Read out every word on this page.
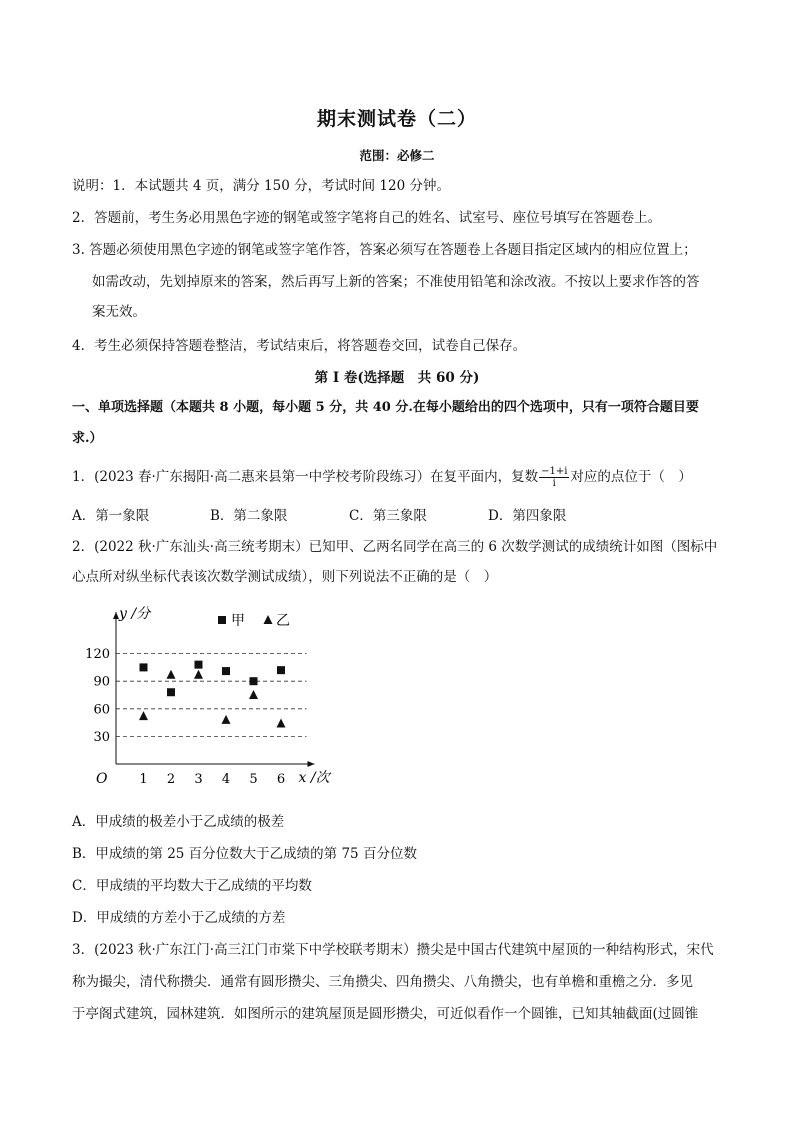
期末测试卷（二）
范围：必修二
说明：1．本试题共 4 页，满分 150 分，考试时间 120 分钟。
2．答题前，考生务必用黑色字迹的钢笔或签字笔将自己的姓名、试室号、座位号填写在答题卷上。
3. 答题必须使用黑色字迹的钢笔或签字笔作答，答案必须写在答题卷上各题目指定区域内的相应位置上；
如需改动，先划掉原来的答案，然后再写上新的答案；不准使用铅笔和涂改液。不按以上要求作答的答
案无效。
4．考生必须保持答题卷整洁，考试结束后，将答题卷交回，试卷自己保存。
第 I 卷(选择题　共 60 分)
一、单项选择题（本题共 8 小题，每小题 5 分，共 40 分.在每小题给出的四个选项中，只有一项符合题目要
求.）
1．(2023 春·广东揭阳·高二惠来县第一中学校考阶段练习）在复平面内，复数 $\frac{-1+i}{i}$ 对应的点位于（　）
A．第一象限	B．第二象限	C．第三象限	D．第四象限
2．(2022 秋·广东汕头·高三统考期末）已知甲、乙两名同学在高三的 6 次数学测试的成绩统计如图（图标中
心点所对纵坐标代表该次数学测试成绩），则下列说法不正确的是（　）
30
60
90
120
1 2 3 4 5 6
O
y /分
x /次
甲 乙
A．甲成绩的极差小于乙成绩的极差
B．甲成绩的第 25 百分位数大于乙成绩的第 75 百分位数
C．甲成绩的平均数大于乙成绩的平均数
D．甲成绩的方差小于乙成绩的方差
3．(2023 秋·广东江门·高三江门市棠下中学校联考期末）攒尖是中国古代建筑中屋顶的一种结构形式，宋代
称为撮尖，清代称攒尖．通常有圆形攒尖、三角攒尖、四角攒尖、八角攒尖，也有单檐和重檐之分．多见
于亭阁式建筑，园林建筑．如图所示的建筑屋顶是圆形攒尖，可近似看作一个圆锥，已知其轴截面(过圆锥
